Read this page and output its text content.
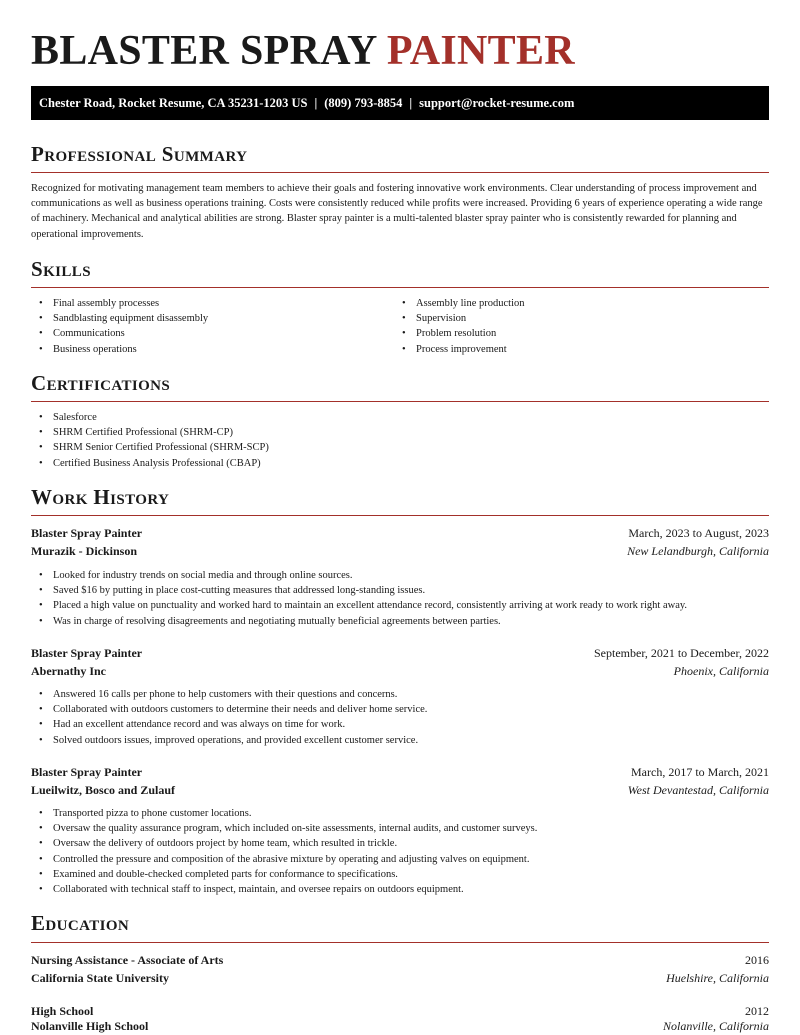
BLASTER SPRAY PAINTER
Chester Road, Rocket Resume, CA 35231-1203 US | (809) 793-8854 | support@rocket-resume.com
Professional Summary

Recognized for motivating management team members to achieve their goals and fostering innovative work environments. Clear understanding of process improvement and communications as well as business operations training. Costs were consistently reduced while profits were increased. Providing 6 years of experience operating a wide range of machinery. Mechanical and analytical abilities are strong. Blaster spray painter is a multi-talented blaster spray painter who is consistently rewarded for planning and operational improvements.

Skills
• Final assembly processes
• Sandblasting equipment disassembly
• Communications
• Business operations
• Assembly line production
• Supervision
• Problem resolution
• Process improvement
Certifications
• Salesforce
• SHRM Certified Professional (SHRM-CP)
• SHRM Senior Certified Professional (SHRM-SCP)
• Certified Business Analysis Professional (CBAP)
Work History
Blaster Spray Painter	March, 2023 to August, 2023
Murazik - Dickinson	New Lelandburgh, California
• Looked for industry trends on social media and through online sources.
• Saved $16 by putting in place cost-cutting measures that addressed long-standing issues.
• Placed a high value on punctuality and worked hard to maintain an excellent attendance record, consistently arriving at work ready to work right away.
• Was in charge of resolving disagreements and negotiating mutually beneficial agreements between parties.
Blaster Spray Painter	September, 2021 to December, 2022
Abernathy Inc	Phoenix, California
• Answered 16 calls per phone to help customers with their questions and concerns.
• Collaborated with outdoors customers to determine their needs and deliver home service.
• Had an excellent attendance record and was always on time for work.
• Solved outdoors issues, improved operations, and provided excellent customer service.
Blaster Spray Painter	March, 2017 to March, 2021
Lueilwitz, Bosco and Zulauf	West Devantestad, California
• Transported pizza to phone customer locations.
• Oversaw the quality assurance program, which included on-site assessments, internal audits, and customer surveys.
• Oversaw the delivery of outdoors project by home team, which resulted in trickle.
• Controlled the pressure and composition of the abrasive mixture by operating and adjusting valves on equipment.
• Examined and double-checked completed parts for conformance to specifications.
• Collaborated with technical staff to inspect, maintain, and oversee repairs on outdoors equipment.
Education
Nursing Assistance - Associate of Arts	2016
California State University	Huelshire, California
High School	2012
Nolanville High School	Nolanville, California
